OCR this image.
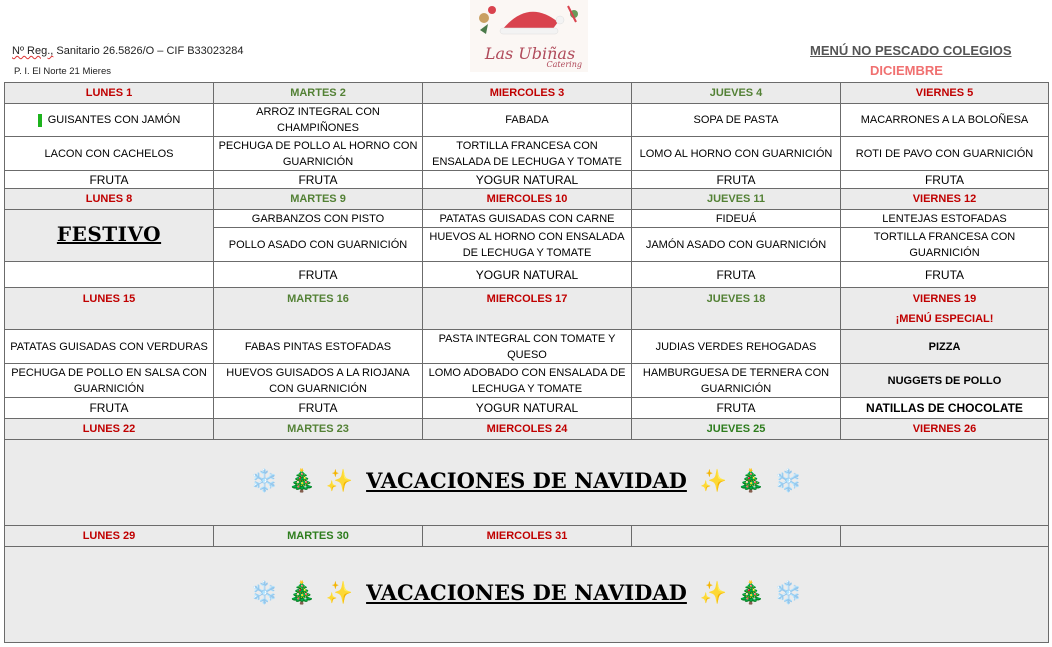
Nº Reg., Sanitario 26.5826/O – CIF B33023284
P. I. El Norte 21 Mieres
Las Ubiñas
Catering
MENÚ NO PESCADO COLEGIOS
DICIEMBRE
LUNES 1	MARTES 2	MIERCOLES 3	JUEVES 4	VIERNES 5
GUISANTES CON JAMÓN	ARROZ INTEGRAL CON CHAMPIÑONES	FABADA	SOPA DE PASTA	MACARRONES A LA BOLOÑESA
LACON CON CACHELOS	PECHUGA DE POLLO AL HORNO CON GUARNICIÓN	TORTILLA FRANCESA CON ENSALADA DE LECHUGA Y TOMATE	LOMO AL HORNO CON GUARNICIÓN	ROTI DE PAVO CON GUARNICIÓN
FRUTA	FRUTA	YOGUR NATURAL	FRUTA	FRUTA
LUNES 8	MARTES 9	MIERCOLES 10	JUEVES 11	VIERNES 12
FESTIVO	GARBANZOS CON PISTO	PATATAS GUISADAS CON CARNE	FIDEUÁ	LENTEJAS ESTOFADAS
	POLLO ASADO CON GUARNICIÓN	HUEVOS AL HORNO CON ENSALADA DE LECHUGA Y TOMATE	JAMÓN ASADO CON GUARNICIÓN	TORTILLA FRANCESA CON GUARNICIÓN
	FRUTA	YOGUR NATURAL	FRUTA	FRUTA
LUNES 15	MARTES 16	MIERCOLES 17	JUEVES 18	VIERNES 19
¡MENÚ ESPECIAL!

PATATAS GUISADAS CON VERDURAS	FABAS PINTAS ESTOFADAS	PASTA INTEGRAL CON TOMATE Y QUESO	JUDIAS VERDES REHOGADAS	PIZZA
PECHUGA DE POLLO EN SALSA CON GUARNICIÓN	HUEVOS GUISADOS A LA RIOJANA CON GUARNICIÓN	LOMO ADOBADO CON ENSALADA DE LECHUGA Y TOMATE	HAMBURGUESA DE TERNERA CON GUARNICIÓN	NUGGETS DE POLLO
FRUTA	FRUTA	YOGUR NATURAL	FRUTA	NATILLAS DE CHOCOLATE
LUNES 22	MARTES 23	MIERCOLES 24	JUEVES 25	VIERNES 26
❄️ 🎄 ✨ VACACIONES DE NAVIDAD ✨ 🎄 ❄️				
LUNES 29	MARTES 30	MIERCOLES 31		
❄️ 🎄 ✨ VACACIONES DE NAVIDAD ✨ 🎄 ❄️				
